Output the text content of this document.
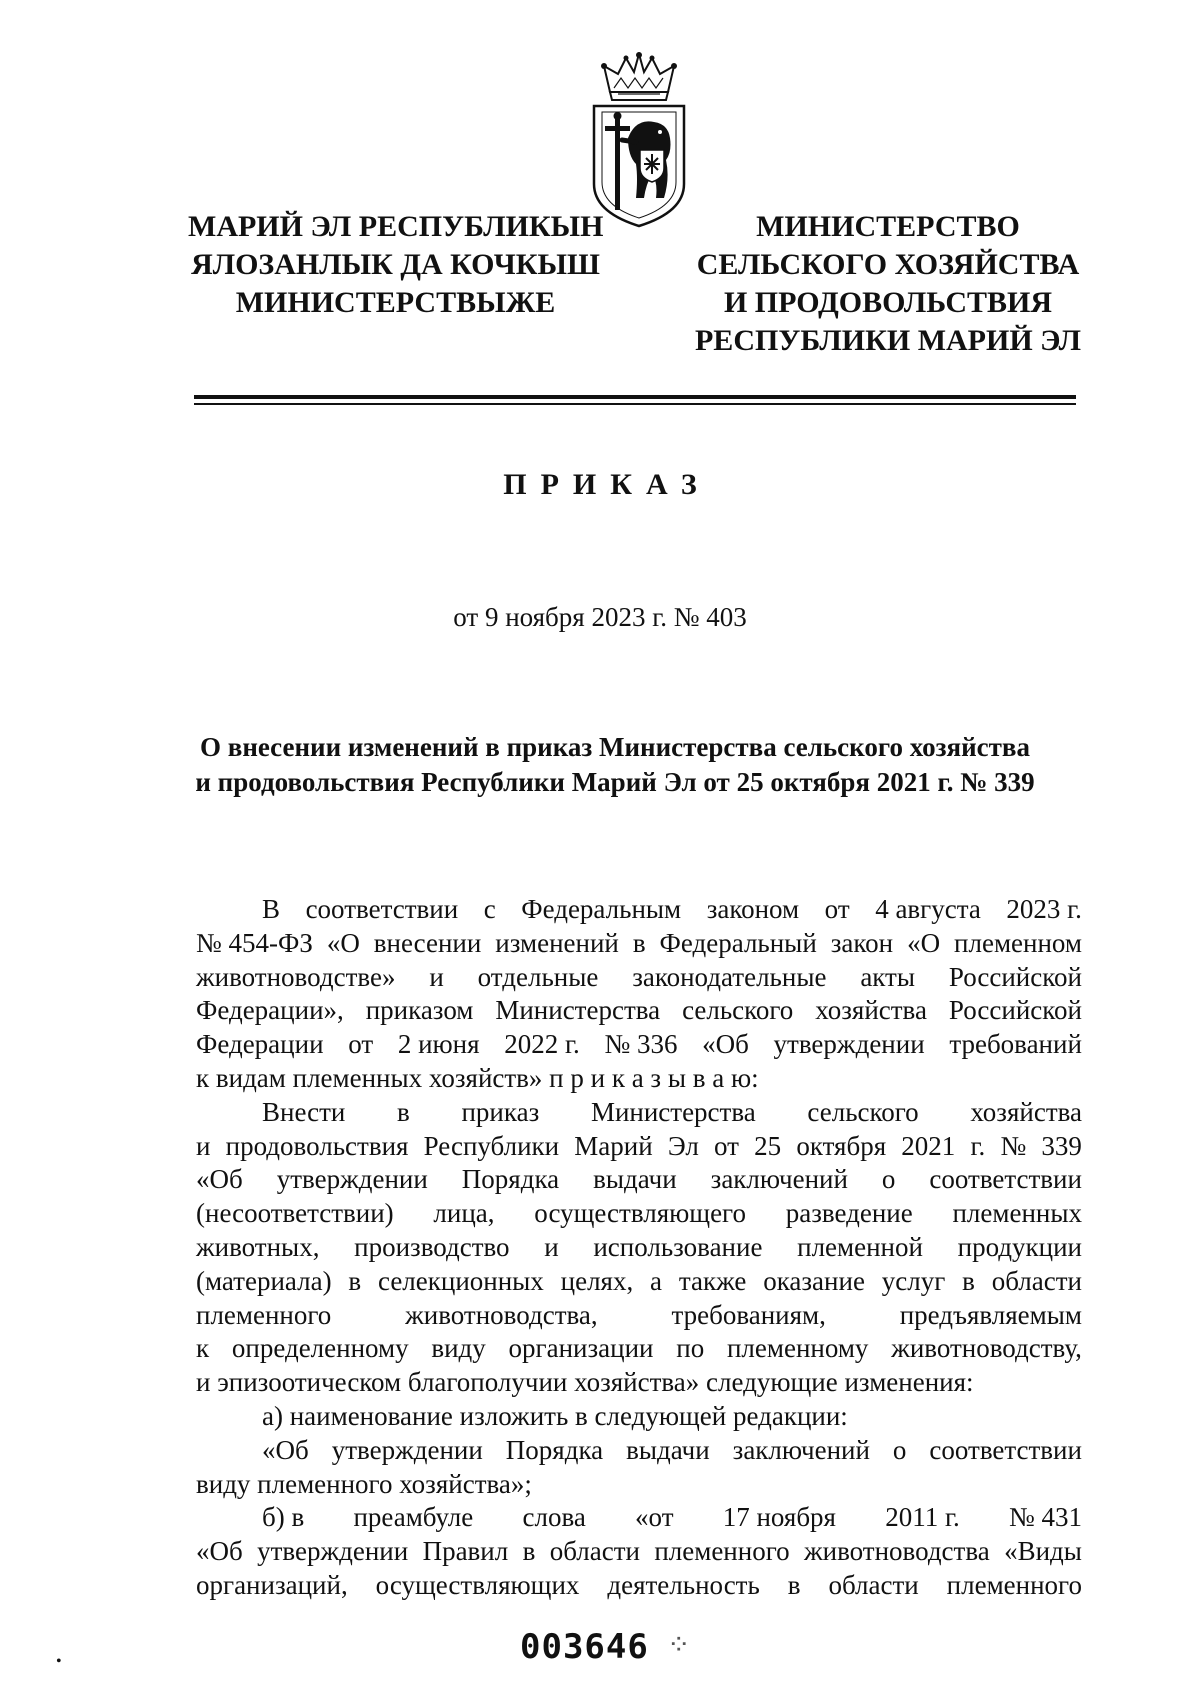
МАРИЙ ЭЛ РЕСПУБЛИКЫН
ЯЛОЗАНЛЫК ДА КОЧКЫШ
МИНИСТЕРСТВЫЖЕ
МИНИСТЕРСТВО
СЕЛЬСКОГО ХОЗЯЙСТВА
И ПРОДОВОЛЬСТВИЯ
РЕСПУБЛИКИ МАРИЙ ЭЛ
ПРИКАЗ
от 9 ноября 2023 г. № 403
О внесении изменений в приказ Министерства сельского хозяйства
и продовольствия Республики Марий Эл от 25 октября 2021 г. № 339
В соответствии с Федеральным законом от 4 августа 2023 г.
№ 454-ФЗ «О внесении изменений в Федеральный закон «О племенном
животноводстве» и отдельные законодательные акты Российской
Федерации», приказом Министерства сельского хозяйства Российской
Федерации от 2 июня 2022 г. № 336 «Об утверждении требований
к видам племенных хозяйств» п р и к а з ы в а ю:
Внести в приказ Министерства сельского хозяйства
и продовольствия Республики Марий Эл от 25 октября 2021 г. № 339
«Об утверждении Порядка выдачи заключений о соответствии
(несоответствии) лица, осуществляющего разведение племенных
животных, производство и использование племенной продукции
(материала) в селекционных целях, а также оказание услуг в области
племенного	животноводства,	требованиям,	предъявляемым
к определенному виду организации по племенному животноводству,
и эпизоотическом благополучии хозяйства» следующие изменения:
а) наименование изложить в следующей редакции:
«Об утверждении Порядка выдачи заключений о соответствии
виду племенного хозяйства»;
б) в преамбуле слова «от 17 ноября 2011 г. № 431
«Об утверждении Правил в области племенного животноводства «Виды
организаций, осуществляющих деятельность в области племенного
003646 ⁘
•
